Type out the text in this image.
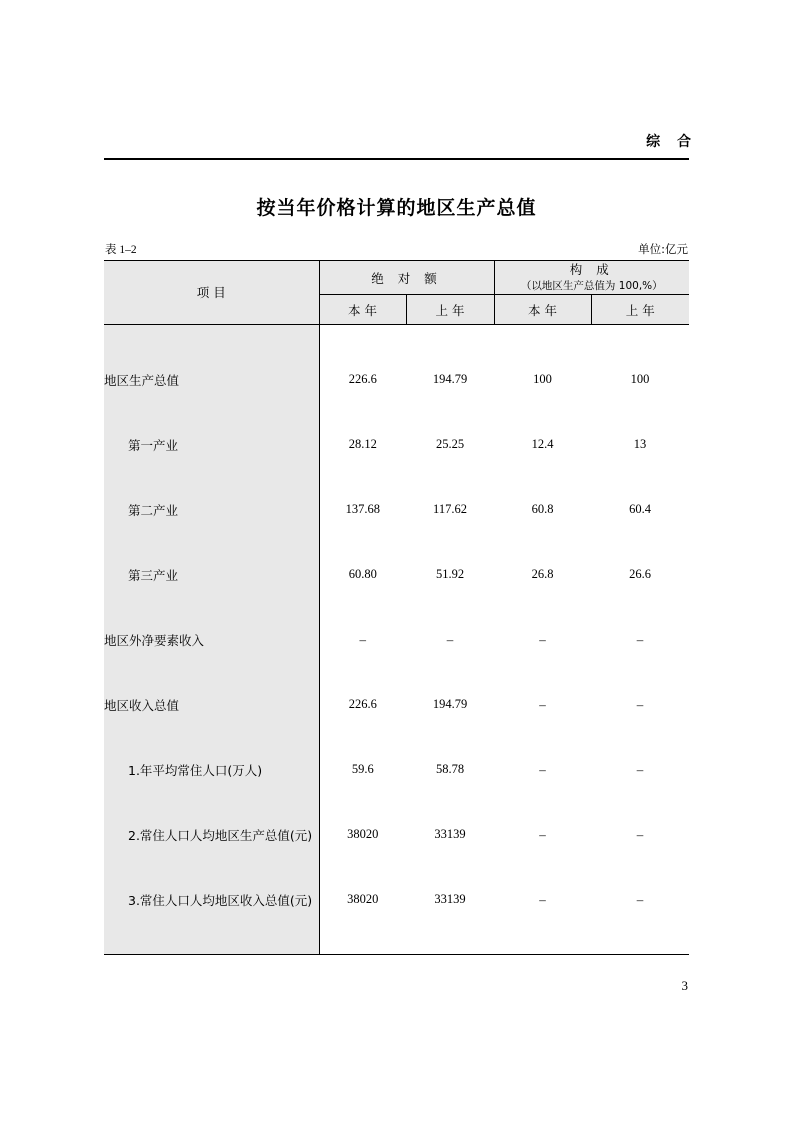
综 合
按当年价格计算的地区生产总值
表 1–2	单位:亿元
项 目	绝 对 额		构 成
（以地区生产总值为 100‚%）	

	本 年	上 年	本 年	上 年

地区生产总值	226.6	194.79	100	100
第一产业	28.12	25.25	12.4	13
第二产业	137.68	117.62	60.8	60.4
第三产业	60.80	51.92	26.8	26.6
地区外净要素收入	–	–	–	–
地区收入总值	226.6	194.79	–	–
1.年平均常住人口(万人)	59.6	58.78	–	–
2.常住人口人均地区生产总值(元)	38020	33139	–	–
3.常住人口人均地区收入总值(元)	38020	33139	–	–

3
